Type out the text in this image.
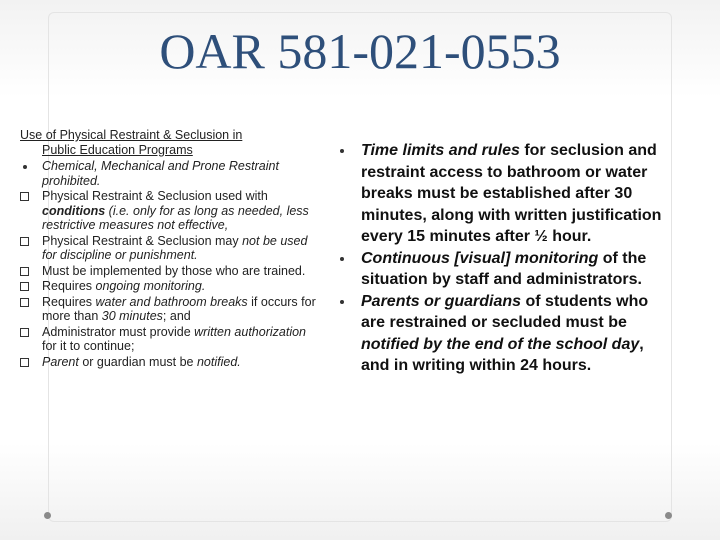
OAR 581-021-0553
Use of Physical Restraint & Seclusion in
Public Education Programs
Chemical, Mechanical and Prone Restraint prohibited.
Physical Restraint & Seclusion used with conditions (i.e. only for as long as needed, less restrictive measures not effective,
Physical Restraint & Seclusion may not be used for discipline or punishment.
Must be implemented by those who are trained.
Requires ongoing monitoring.
Requires water and bathroom breaks if occurs for more than 30 minutes; and
Administrator must provide written authorization for it to continue;
Parent or guardian must be notified.
Time limits and rules for seclusion and restraint access to bathroom or water breaks must be established after 30 minutes, along with written justification every 15 minutes after ½ hour.
Continuous [visual] monitoring of the situation by staff and administrators.
Parents or guardians of students who are restrained or secluded must be notified by the end of the school day, and in writing within 24 hours.
